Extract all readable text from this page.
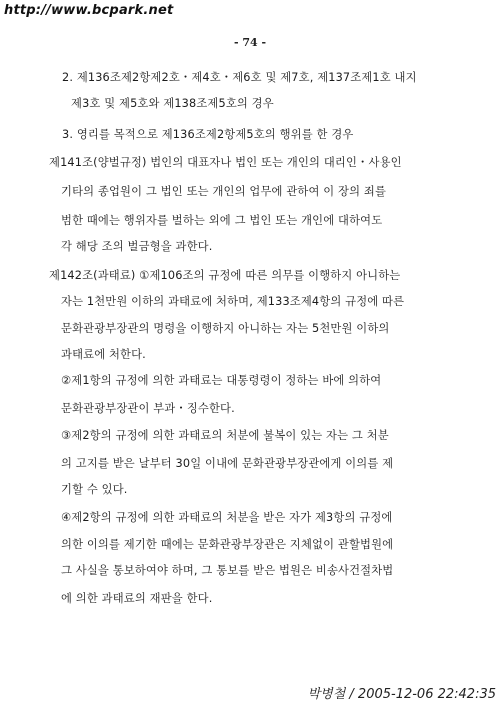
http://www.bcpark.net
- 74 -
2. 제136조제2항제2호・제4호・제6호 및 제7호, 제137조제1호 내지
제3호 및 제5호와 제138조제5호의 경우
3. 영리를 목적으로 제136조제2항제5호의 행위를 한 경우
제141조(양벌규정) 법인의 대표자나 법인 또는 개인의 대리인・사용인
기타의 종업원이 그 법인 또는 개인의 업무에 관하여 이 장의 죄를
범한 때에는 행위자를 벌하는 외에 그 법인 또는 개인에 대하여도
각 해당 조의 벌금형을 과한다.
제142조(과태료) ①제106조의 규정에 따른 의무를 이행하지 아니하는
자는 1천만원 이하의 과태료에 처하며, 제133조제4항의 규정에 따른
문화관광부장관의 명령을 이행하지 아니하는 자는 5천만원 이하의
과태료에 처한다.
②제1항의 규정에 의한 과태료는 대통령령이 정하는 바에 의하여
문화관광부장관이 부과・징수한다.
③제2항의 규정에 의한 과태료의 처분에 불복이 있는 자는 그 처분
의 고지를 받은 날부터 30일 이내에 문화관광부장관에게 이의를 제
기할 수 있다.
④제2항의 규정에 의한 과태료의 처분을 받은 자가 제3항의 규정에
의한 이의를 제기한 때에는 문화관광부장관은 지체없이 관할법원에
그 사실을 통보하여야 하며, 그 통보를 받은 법원은 비송사건절차법
에 의한 과태료의 재판을 한다.
박병철 / 2005-12-06 22:42:35
